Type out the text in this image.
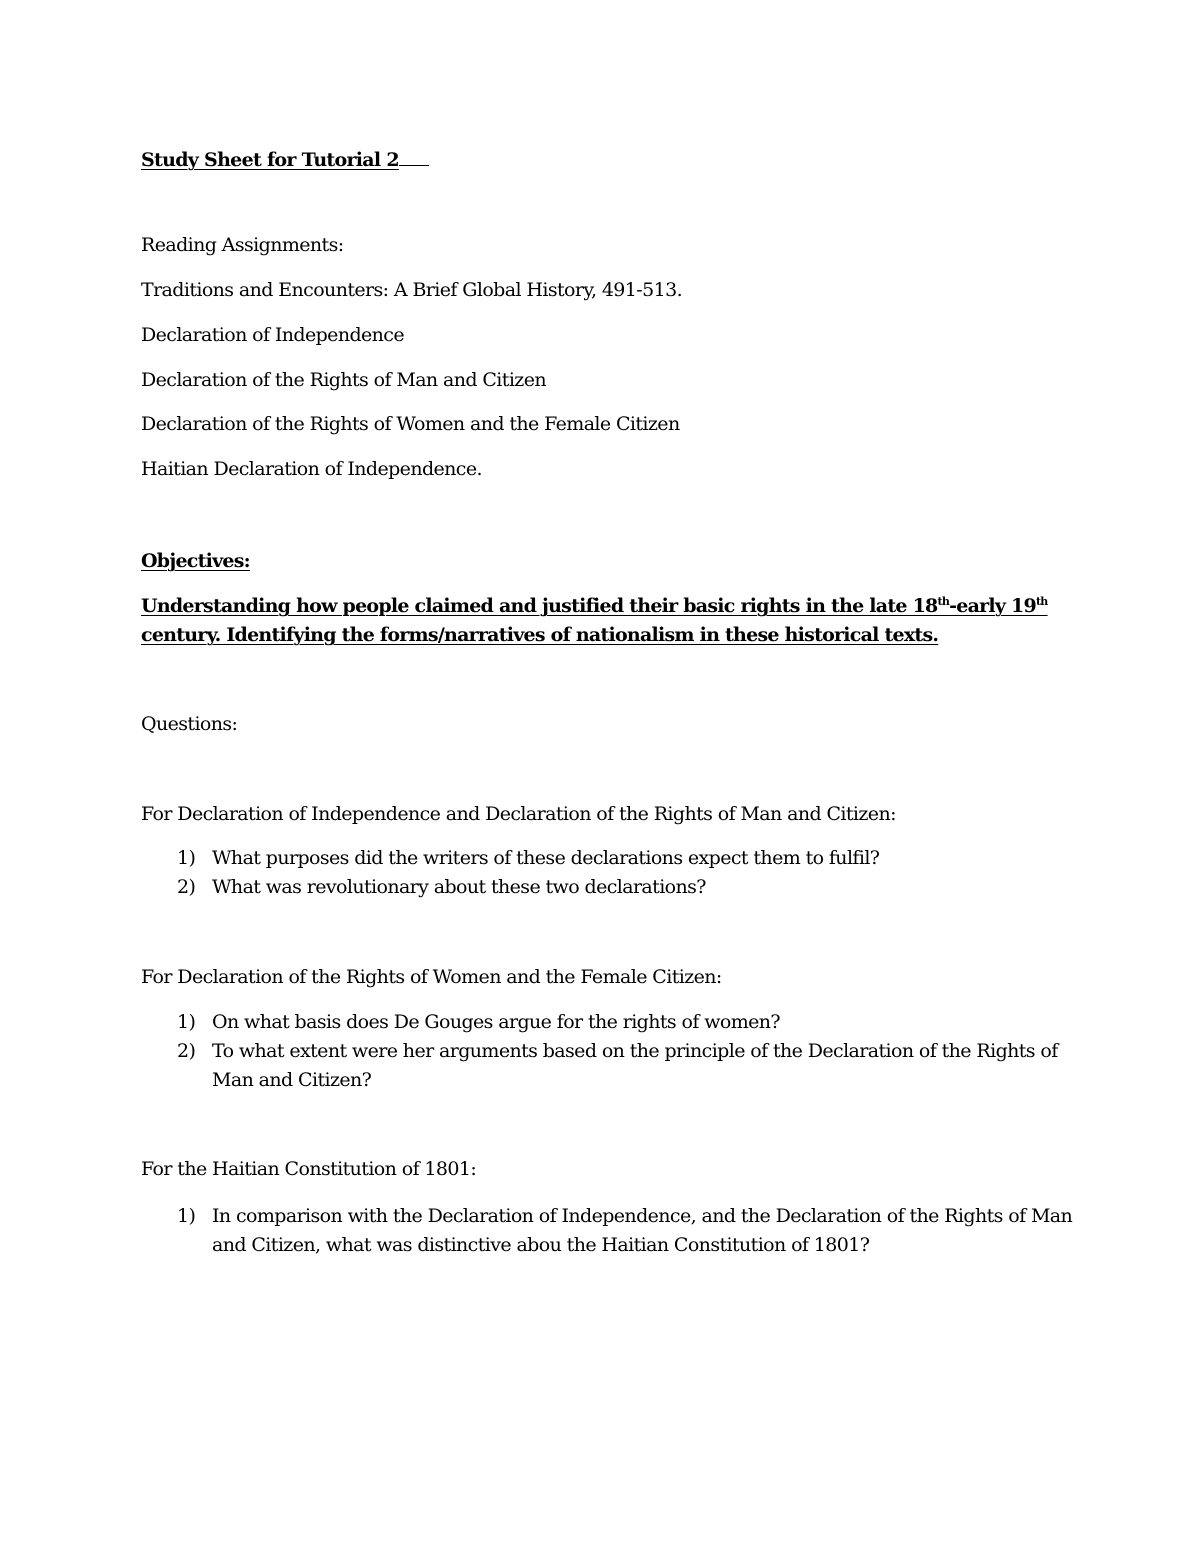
Study Sheet for Tutorial 2
Reading Assignments:
Traditions and Encounters: A Brief Global History, 491-513.
Declaration of Independence
Declaration of the Rights of Man and Citizen
Declaration of the Rights of Women and the Female Citizen
Haitian Declaration of Independence.
Objectives:
Understanding how people claimed and justified their basic rights in the late 18th-early 19th
century. Identifying the forms/narratives of nationalism in these historical texts.
Questions:
For Declaration of Independence and Declaration of the Rights of Man and Citizen:
1) What purposes did the writers of these declarations expect them to fulfil?
2) What was revolutionary about these two declarations?
For Declaration of the Rights of Women and the Female Citizen:
1) On what basis does De Gouges argue for the rights of women?
2) To what extent were her arguments based on the principle of the Declaration of the Rights of Man and Citizen?
For the Haitian Constitution of 1801:
1) In comparison with the Declaration of Independence, and the Declaration of the Rights of Man and Citizen, what was distinctive abou the Haitian Constitution of 1801?
